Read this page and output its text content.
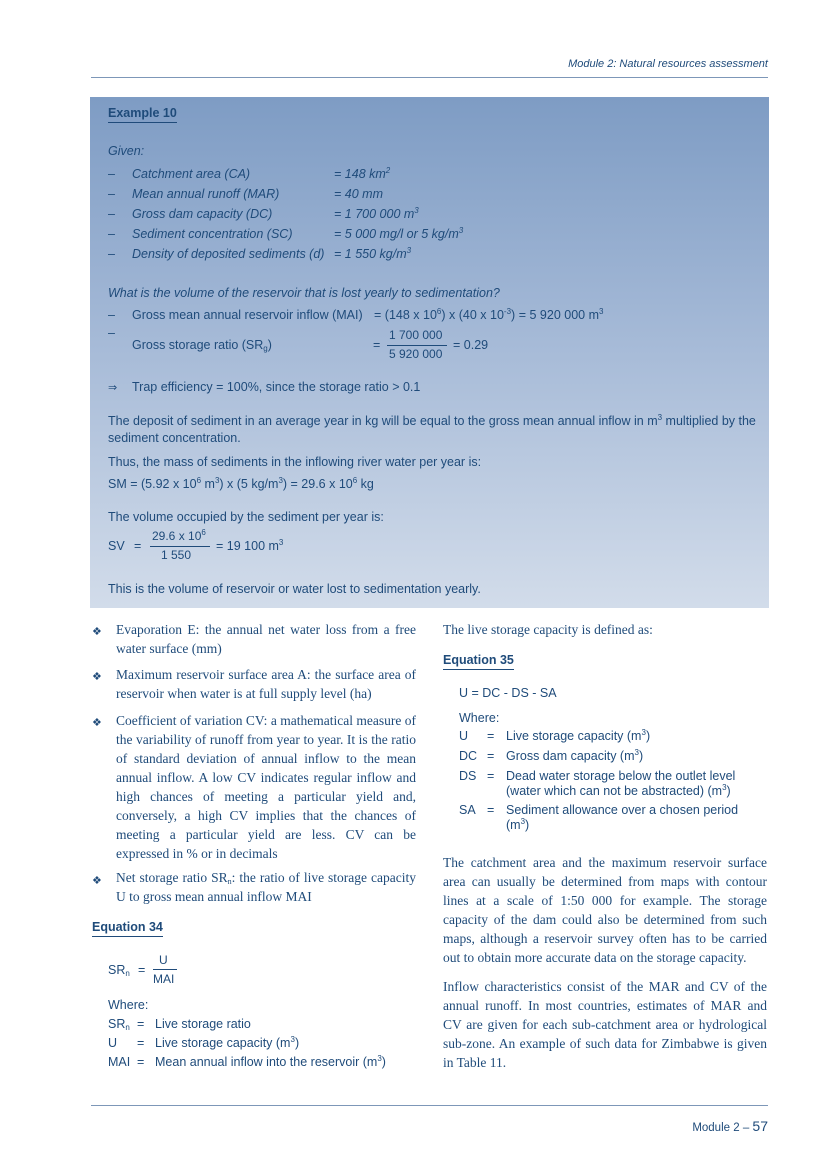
Module 2: Natural resources assessment
Example 10
Given:
– Catchment area (CA)	= 148 $km^2$
– Mean annual runoff (MAR)	= 40 mm
– Gross dam capacity (DC)	= 1 700 000 $m^3$
– Sediment concentration (SC)	= 5 000 mg/l or 5 $kg/m^3$
– Density of deposited sediments (d) = 1 550 $kg/m^3$
What is the volume of the reservoir that is lost yearly to sedimentation?
– Gross mean annual reservoir inflow (MAI) = (148 x $10^6$) x (40 x $10^{-3}) = 5$ 920 000 $m^3$
–
Gross storage ratio $(SR_g)$	=
1 700 000
5 920 000
= 0.29
⇒ Trap efficiency = 100%, since the storage ratio > 0.1
The deposit of sediment in an average year in kg will be equal to the gross mean annual inflow in $m^3$ multiplied by the sediment concentration.
Thus, the mass of sediments in the inflowing river water per year is:
SM = (5.92 x $10^6$ $m^3$) x (5 $kg/m^3) = 29.6$ x $10^6$ kg
The volume occupied by the sediment per year is:
SV =
29.6 x $10^6$
1 550
= 19 100 $m^3$
This is the volume of reservoir or water lost to sedimentation yearly.
❖ Evaporation E: the annual net water loss from a free water surface (mm)
❖ Maximum reservoir surface area A: the surface area of reservoir when water is at full supply level (ha)
❖ Coefficient of variation CV: a mathematical measure of the variability of runoff from year to year. It is the ratio of standard deviation of annual inflow to the mean annual inflow. A low CV indicates regular inflow and high chances of meeting a particular yield and, conversely, a high CV implies that the chances of meeting a particular yield are less. CV can be expressed in % or in decimals
❖ Net storage ratio $SR_n$: the ratio of live storage capacity U to gross mean annual inflow MAI
Equation 34
$SR_n$ =
U
MAI
Where:
$SR_n$ = Live storage ratio
U = Live storage capacity $(m^3)$
MAI = Mean annual inflow into the reservoir $(m^3)$
The live storage capacity is defined as:
Equation 35
U = DC - DS - SA
Where:
U = Live storage capacity $(m^3)$
DC = Gross dam capacity $(m^3)$
DS = Dead water storage below the outlet level
(water which can not be abstracted) $(m^3)$
SA = Sediment allowance over a chosen period
$(m^3)$
The catchment area and the maximum reservoir surface area can usually be determined from maps with contour lines at a scale of 1:50 000 for example. The storage capacity of the dam could also be determined from such maps, although a reservoir survey often has to be carried out to obtain more accurate data on the storage capacity.
Inflow characteristics consist of the MAR and CV of the annual runoff. In most countries, estimates of MAR and CV are given for each sub-catchment area or hydrological sub-zone. An example of such data for Zimbabwe is given in Table 11.
Module 2 – 57
